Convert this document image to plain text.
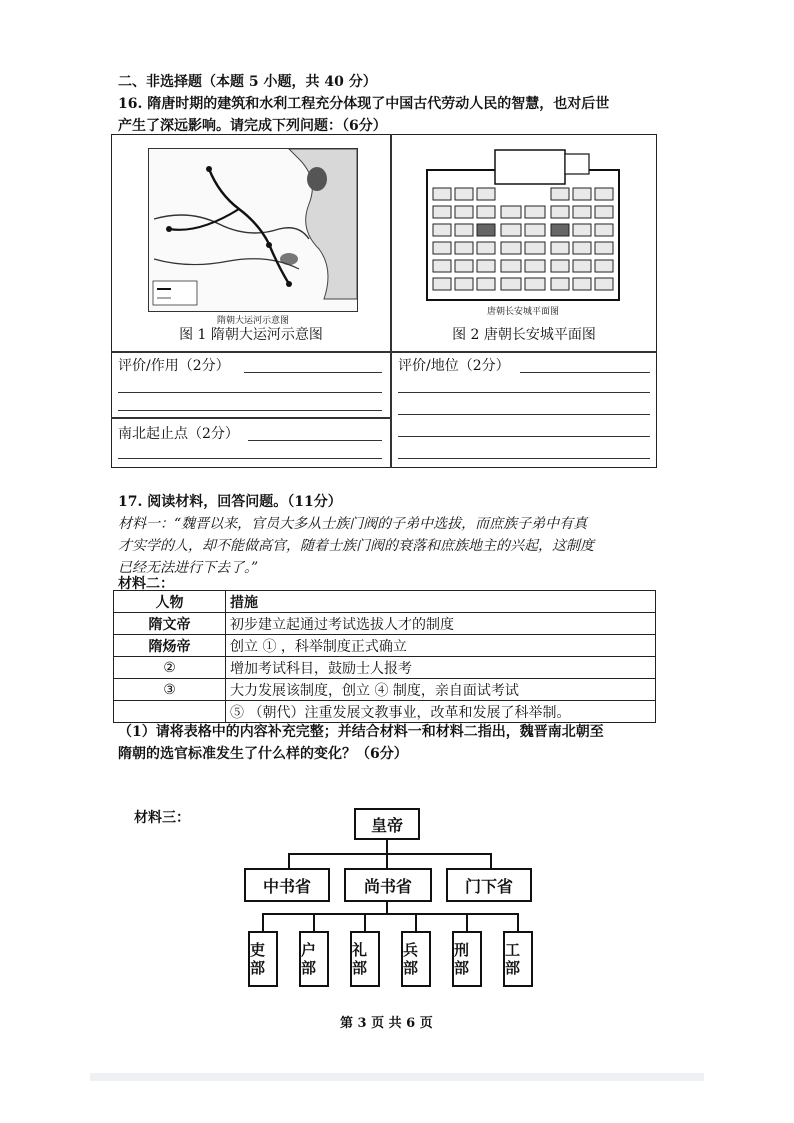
二、非选择题（本题 5 小题，共 40 分）
16. 隋唐时期的建筑和水利工程充分体现了中国古代劳动人民的智慧，也对后世
产生了深远影响。请完成下列问题：（6分）
隋朝大运河示意图
图 1 隋朝大运河示意图
唐朝长安城平面图
图 2 唐朝长安城平面图
评价/作用（2分）	评价/地位（2分）
南北起止点（2分）
17. 阅读材料，回答问题。（11分）
材料一：“魏晋以来，官员大多从士族门阀的子弟中选拔，而庶族子弟中有真
才实学的人，却不能做高官，随着士族门阀的衰落和庶族地主的兴起，这制度
已经无法进行下去了。”
材料二：
人物	措施
隋文帝	初步建立起通过考试选拔人才的制度
隋炀帝	创立 ① ，科举制度正式确立
②	增加考试科目，鼓励士人报考
③	大力发展该制度，创立 ④ 制度，亲自面试考试
	⑤ （朝代）注重发展文教事业，改革和发展了科举制。
（1）请将表格中的内容补充完整；并结合材料一和材料二指出，魏晋南北朝至
隋朝的选官标准发生了什么样的变化？（6分）
材料三：	皇帝
中书省	尚书省	门下省
吏部
户部
礼部
兵部
刑部
工部
第 3 页 共 6 页
